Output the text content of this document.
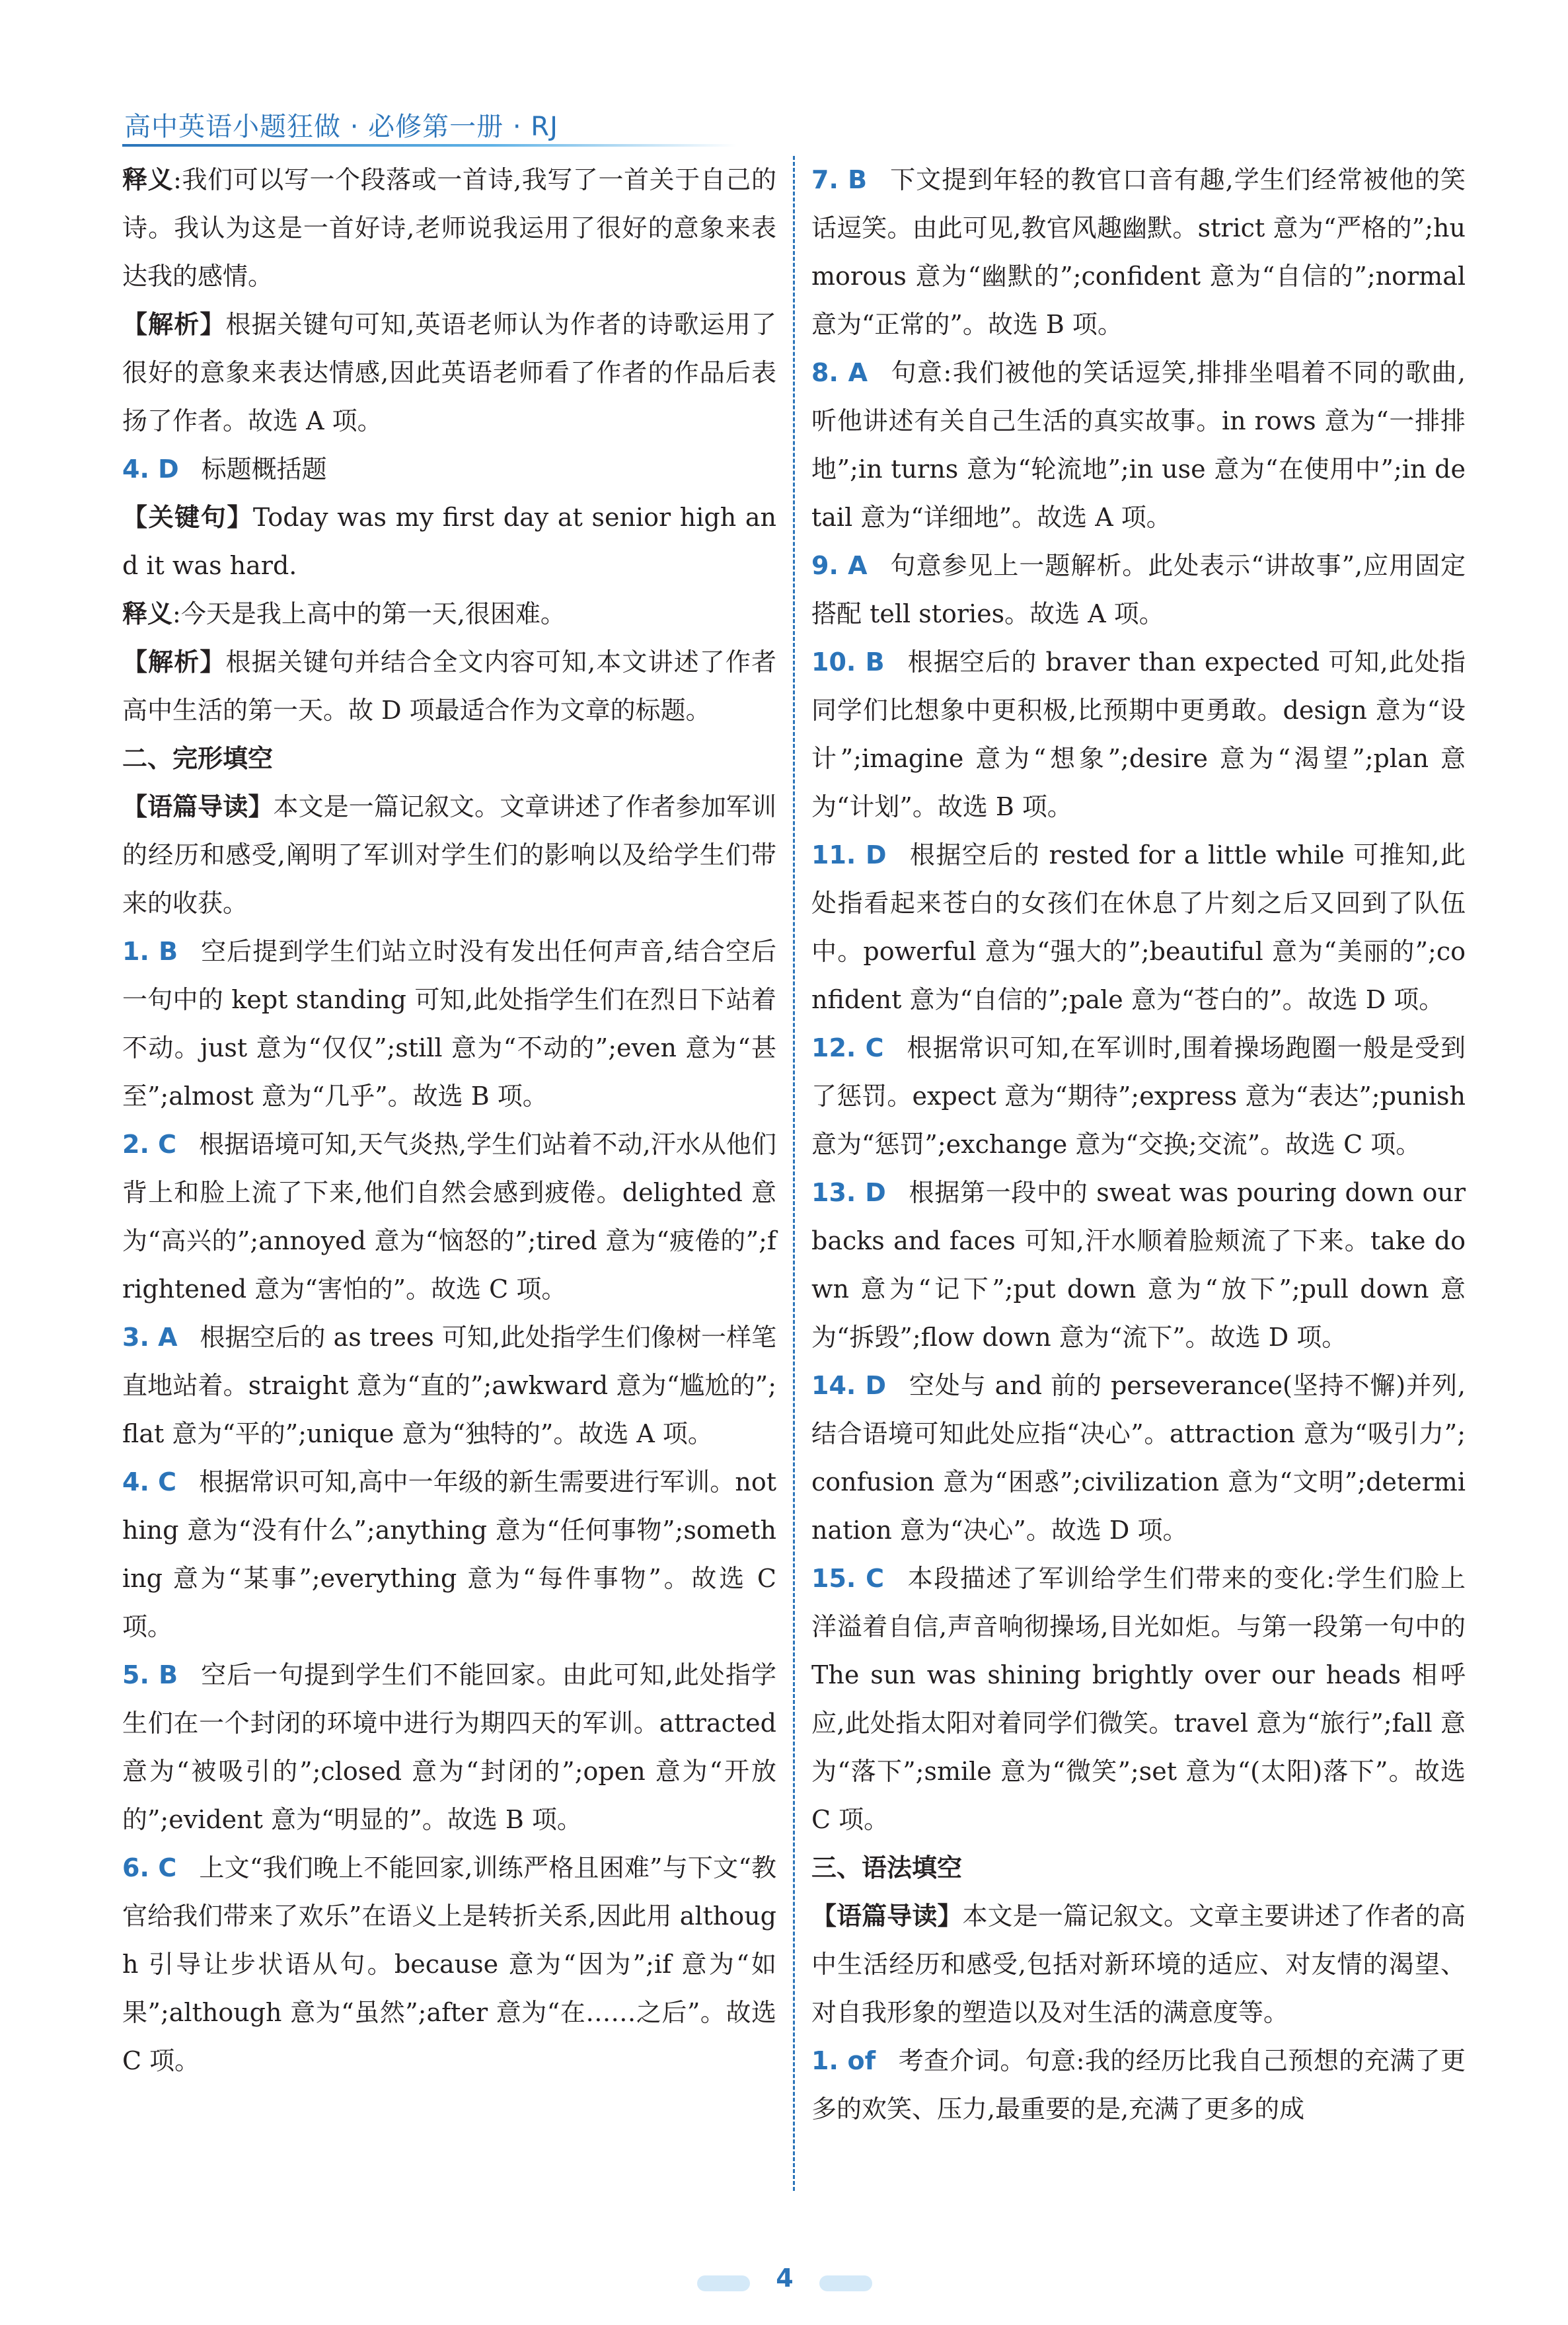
高中英语小题狂做 · 必修第一册 · RJ

释义:我们可以写一个段落或一首诗,我写了一首关于自己的诗。我认为这是一首好诗,老师说我运用了很好的意象来表达我的感情。

【解析】根据关键句可知,英语老师认为作者的诗歌运用了很好的意象来表达情感,因此英语老师看了作者的作品后表扬了作者。故选 A 项。

4. D 标题概括题

【关键句】Today was my first day at senior high and it was hard.

释义:今天是我上高中的第一天,很困难。

【解析】根据关键句并结合全文内容可知,本文讲述了作者高中生活的第一天。故 D 项最适合作为文章的标题。

二、完形填空

【语篇导读】本文是一篇记叙文。文章讲述了作者参加军训的经历和感受,阐明了军训对学生们的影响以及给学生们带来的收获。

1. B 空后提到学生们站立时没有发出任何声音,结合空后一句中的 kept standing 可知,此处指学生们在烈日下站着不动。just 意为“仅仅”;still 意为“不动的”;even 意为“甚至”;almost 意为“几乎”。故选 B 项。

2. C 根据语境可知,天气炎热,学生们站着不动,汗水从他们背上和脸上流了下来,他们自然会感到疲倦。delighted 意为“高兴的”;annoyed 意为“恼怒的”;tired 意为“疲倦的”;frightened 意为“害怕的”。故选 C 项。

3. A 根据空后的 as trees 可知,此处指学生们像树一样笔直地站着。straight 意为“直的”;awkward 意为“尴尬的”;flat 意为“平的”;unique 意为“独特的”。故选 A 项。

4. C 根据常识可知,高中一年级的新生需要进行军训。nothing 意为“没有什么”;anything 意为“任何事物”;something 意为“某事”;everything 意为“每件事物”。故选 C 项。

5. B 空后一句提到学生们不能回家。由此可知,此处指学生们在一个封闭的环境中进行为期四天的军训。attracted 意为“被吸引的”;closed 意为“封闭的”;open 意为“开放的”;evident 意为“明显的”。故选 B 项。

6. C 上文“我们晚上不能回家,训练严格且困难”与下文“教官给我们带来了欢乐”在语义上是转折关系,因此用 although 引导让步状语从句。because 意为“因为”;if 意为“如果”;although 意为“虽然”;after 意为“在……之后”。故选 C 项。

7. B 下文提到年轻的教官口音有趣,学生们经常被他的笑话逗笑。由此可见,教官风趣幽默。strict 意为“严格的”;humorous 意为“幽默的”;confident 意为“自信的”;normal 意为“正常的”。故选 B 项。

8. A 句意:我们被他的笑话逗笑,排排坐唱着不同的歌曲,听他讲述有关自己生活的真实故事。in rows 意为“一排排地”;in turns 意为“轮流地”;in use 意为“在使用中”;in detail 意为“详细地”。故选 A 项。

9. A 句意参见上一题解析。此处表示“讲故事”,应用固定搭配 tell stories。故选 A 项。

10. B 根据空后的 braver than expected 可知,此处指同学们比想象中更积极,比预期中更勇敢。design 意为“设计”;imagine 意为“想象”;desire 意为“渴望”;plan 意为“计划”。故选 B 项。

11. D 根据空后的 rested for a little while 可推知,此处指看起来苍白的女孩们在休息了片刻之后又回到了队伍中。powerful 意为“强大的”;beautiful 意为“美丽的”;confident 意为“自信的”;pale 意为“苍白的”。故选 D 项。

12. C 根据常识可知,在军训时,围着操场跑圈一般是受到了惩罚。expect 意为“期待”;express 意为“表达”;punish 意为“惩罚”;exchange 意为“交换;交流”。故选 C 项。

13. D 根据第一段中的 sweat was pouring down our backs and faces 可知,汗水顺着脸颊流了下来。take down 意为“记下”;put down 意为“放下”;pull down 意为“拆毁”;flow down 意为“流下”。故选 D 项。

14. D 空处与 and 前的 perseverance(坚持不懈)并列,结合语境可知此处应指“决心”。attraction 意为“吸引力”;confusion 意为“困惑”;civilization 意为“文明”;determination 意为“决心”。故选 D 项。

15. C 本段描述了军训给学生们带来的变化:学生们脸上洋溢着自信,声音响彻操场,目光如炬。与第一段第一句中的 The sun was shining brightly over our heads 相呼应,此处指太阳对着同学们微笑。travel 意为“旅行”;fall 意为“落下”;smile 意为“微笑”;set 意为“(太阳)落下”。故选 C 项。

三、语法填空

【语篇导读】本文是一篇记叙文。文章主要讲述了作者的高中生活经历和感受,包括对新环境的适应、对友情的渴望、对自我形象的塑造以及对生活的满意度等。

1. of 考查介词。句意:我的经历比我自己预想的充满了更多的欢笑、压力,最重要的是,充满了更多的成

4
